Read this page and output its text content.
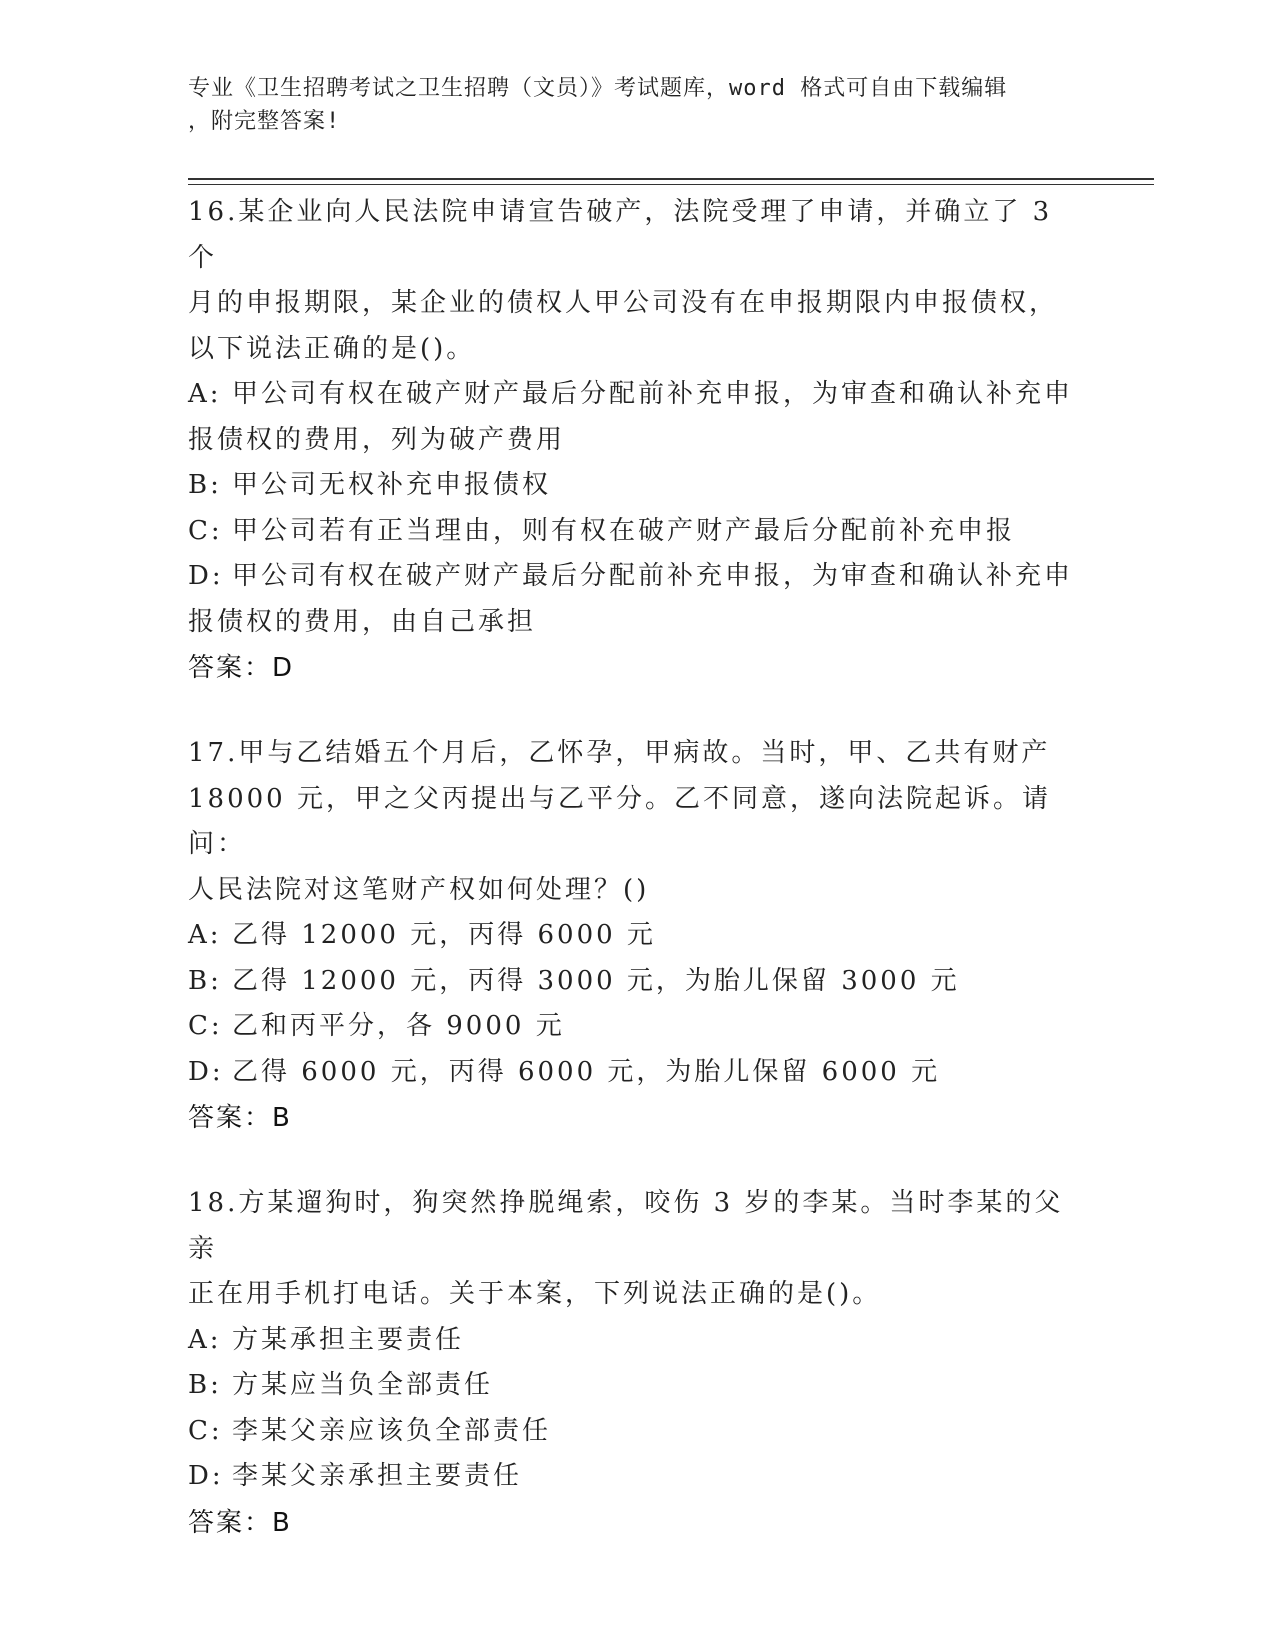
专业《卫生招聘考试之卫生招聘（文员）》考试题库，word 格式可自由下载编辑
，附完整答案!

16.某企业向人民法院申请宣告破产，法院受理了申请，并确立了 3 个

月的申报期限，某企业的债权人甲公司没有在申报期限内申报债权，

以下说法正确的是()。

A: 甲公司有权在破产财产最后分配前补充申报，为审查和确认补充申

报债权的费用，列为破产费用

B: 甲公司无权补充申报债权

C: 甲公司若有正当理由，则有权在破产财产最后分配前补充申报

D: 甲公司有权在破产财产最后分配前补充申报，为审查和确认补充申

报债权的费用，由自己承担

答案：D

17.甲与乙结婚五个月后，乙怀孕，甲病故。当时，甲、乙共有财产

18000 元，甲之父丙提出与乙平分。乙不同意，遂向法院起诉。请问：

人民法院对这笔财产权如何处理？()

A: 乙得 12000 元，丙得 6000 元

B: 乙得 12000 元，丙得 3000 元，为胎儿保留 3000 元

C: 乙和丙平分，各 9000 元

D: 乙得 6000 元，丙得 6000 元，为胎儿保留 6000 元

答案：B

18.方某遛狗时，狗突然挣脱绳索，咬伤 3 岁的李某。当时李某的父亲

正在用手机打电话。关于本案，下列说法正确的是()。

A: 方某承担主要责任

B: 方某应当负全部责任

C: 李某父亲应该负全部责任

D: 李某父亲承担主要责任

答案：B
